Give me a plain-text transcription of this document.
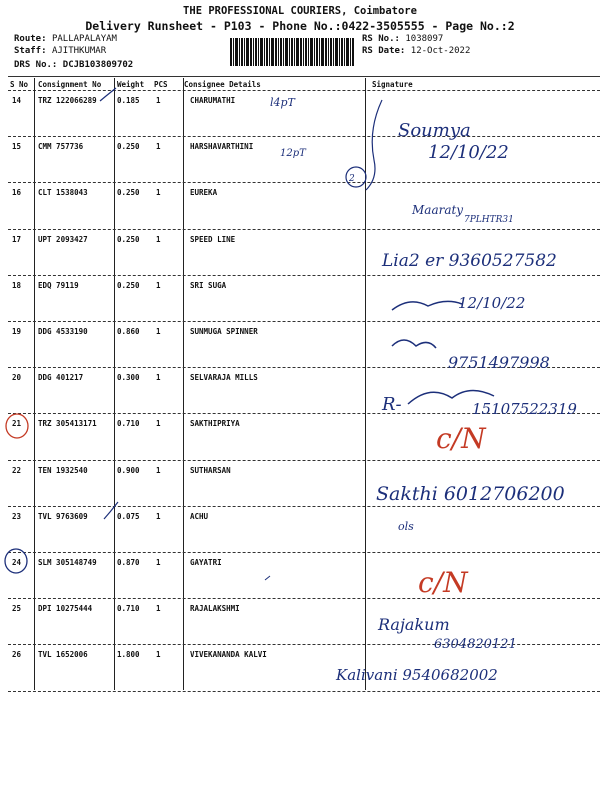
THE PROFESSIONAL COURIERS, Coimbatore
Delivery Runsheet - P103 - Phone No.:0422-3505555 - Page No.:2
Route: PALLAPALAYAM
Staff: AJITHKUMAR
DRS No.: DCJB103809702
RS No.: 1038097
RS Date: 12-Oct-2022
S No Consignment No Weight PCS Consignee Details	Signature
14 TRZ 122066289	0.185 1	CHARUMATHI
15 CMM 757736	0.250 1	HARSHAVARTHINI
16 CLT 1538043	0.250 1	EUREKA
17 UPT 2093427	0.250 1	SPEED LINE
18 EDQ 79119	0.250 1	SRI SUGA
19 DDG 4533190	0.860 1	SUNMUGA SPINNER
20 DDG 401217	0.300 1	SELVARAJA MILLS
21 TRZ 305413171	0.710 1	SAKTHIPRIYA
22 TEN 1932540	0.900 1	SUTHARSAN
23 TVL 9763609	0.075 1	ACHU
24 SLM 305148749	0.870 1	GAYATRI
25 DPI 10275444	0.710 1	RAJALAKSHMI
26 TVL 1652006	1.800 1	VIVEKANANDA KALVI
2
l4pT
12pT
Soumya
12/10/22
Maaraty
7PLHTR31
Lia2 er 9360527582
12/10/22
9751497998
R-	15107522319
c/N
Sakthi 6012706200
ols
c/N
Rajakum
6304820121
Kalivani 9540682002
